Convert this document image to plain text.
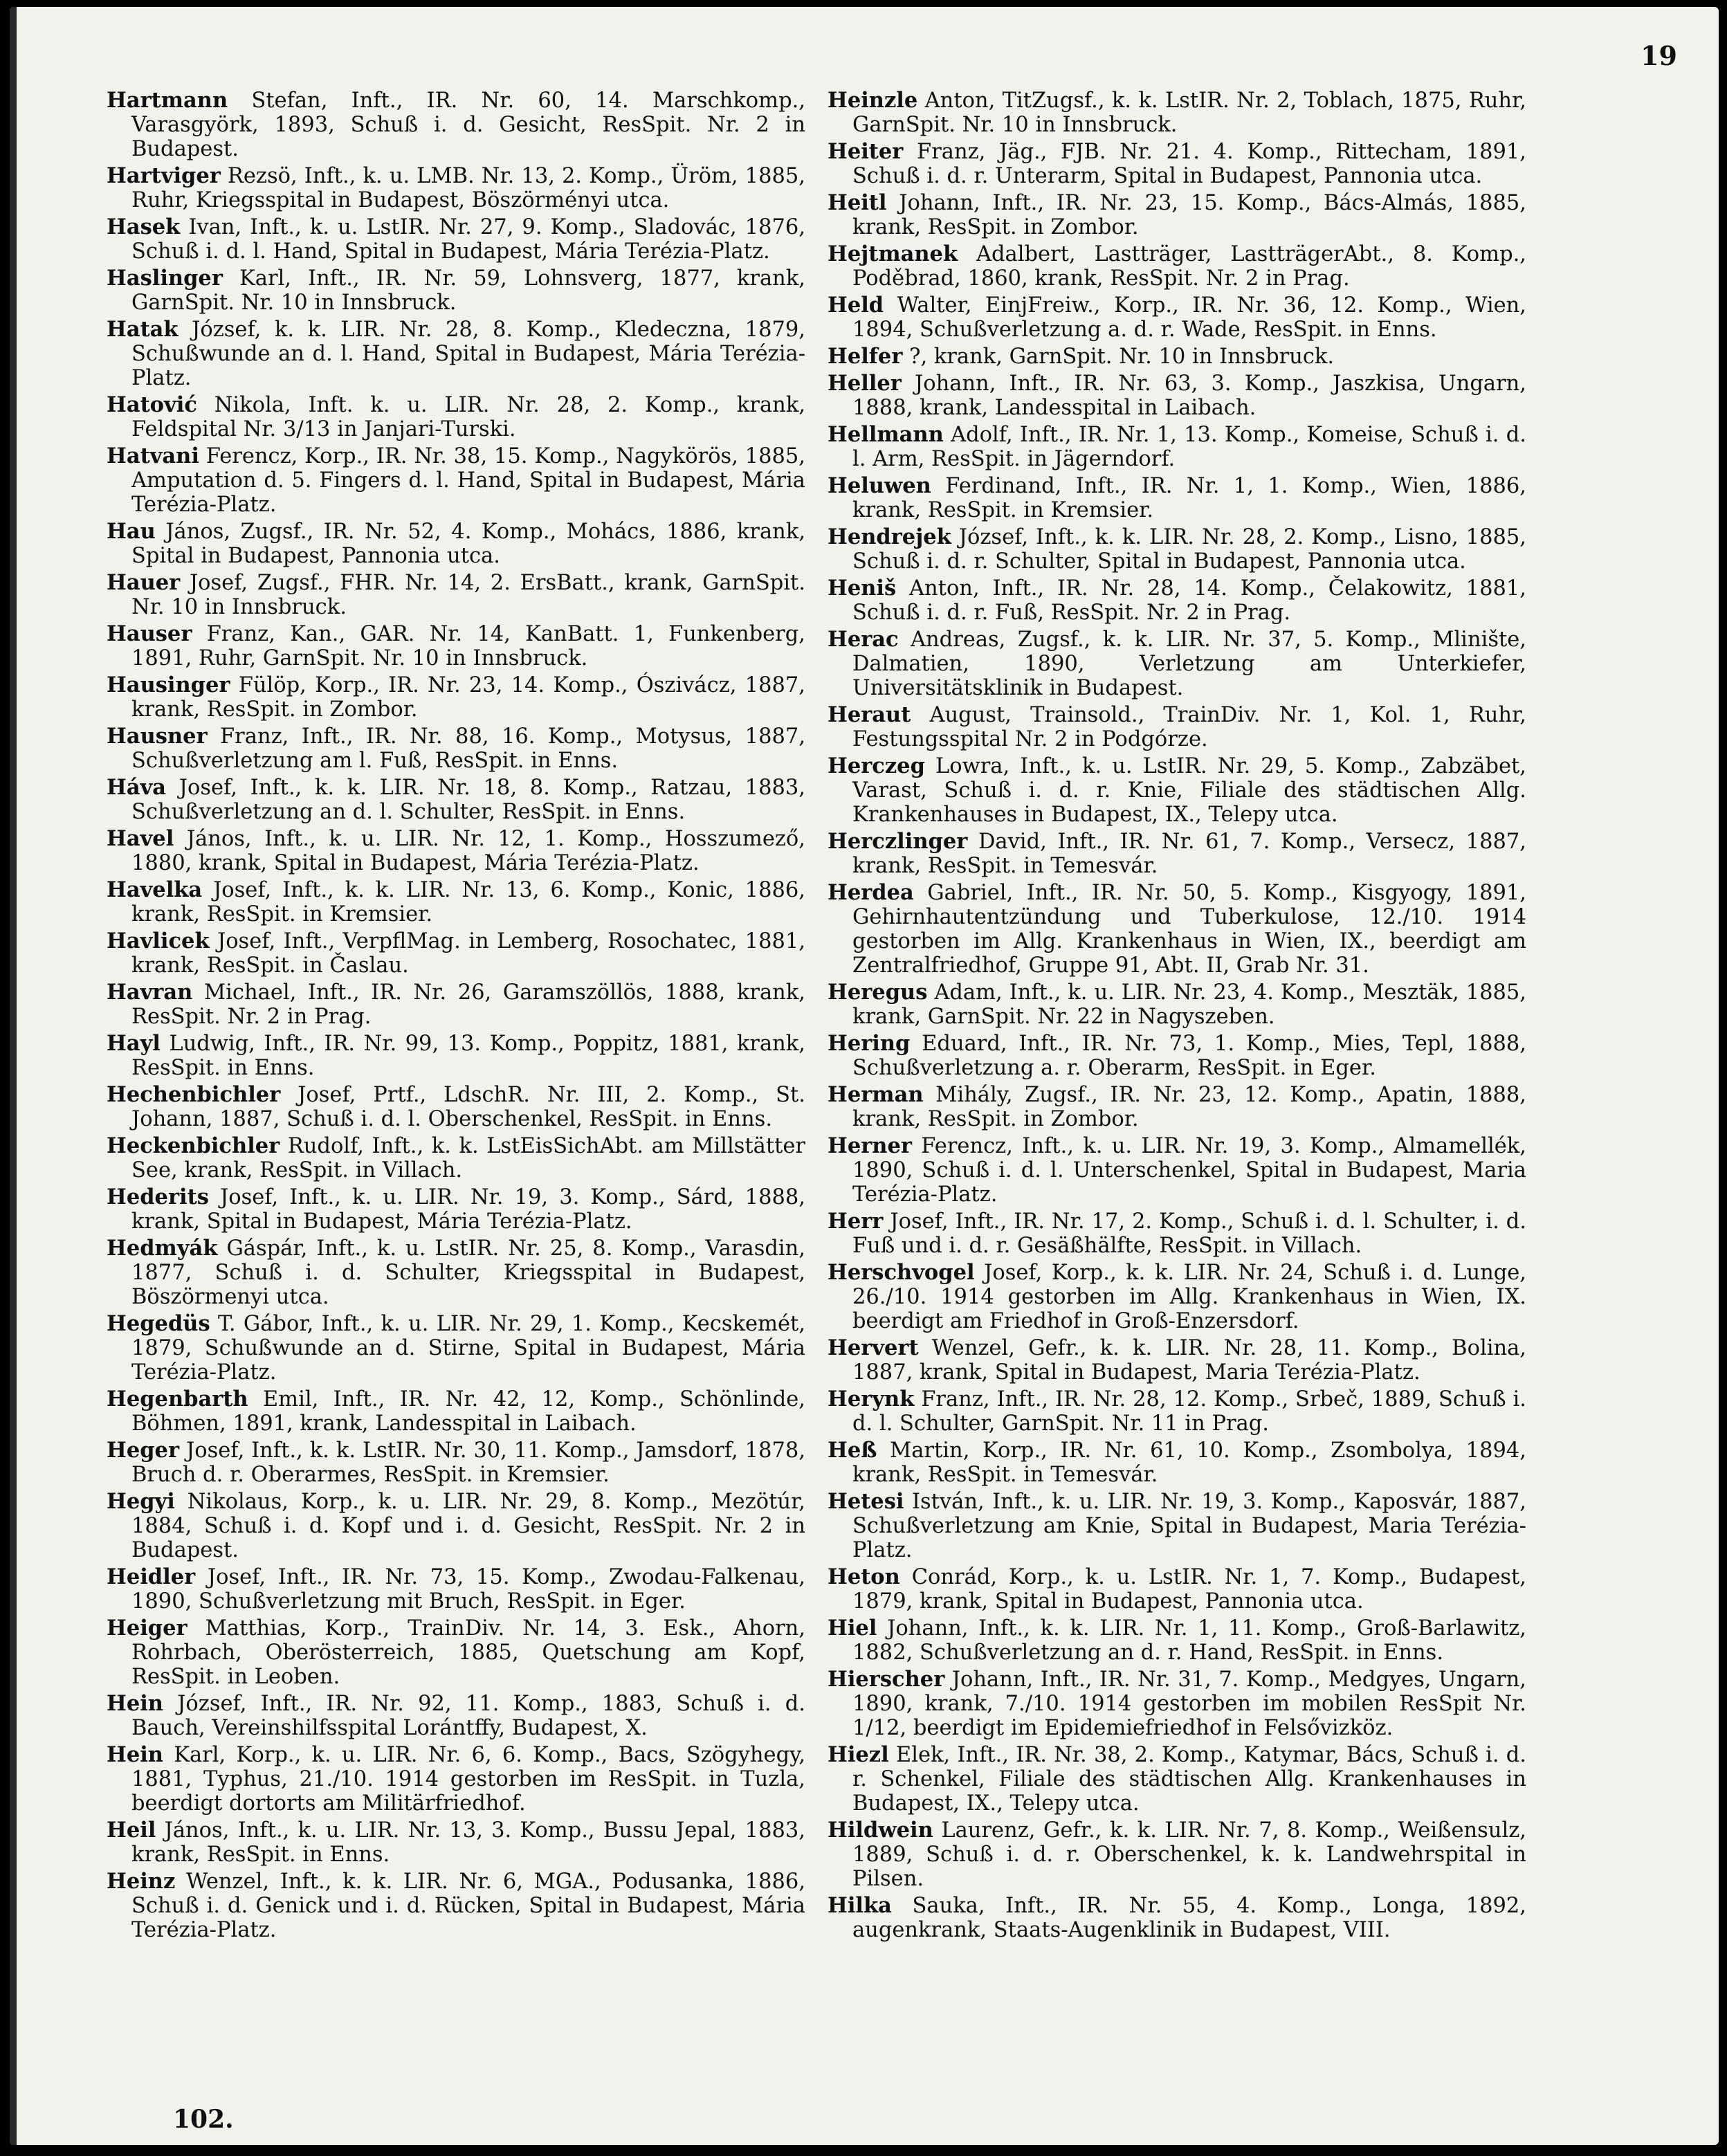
19

Hartmann Stefan, Inft., IR. Nr. 60, 14. Marschkomp., Varasgyörk, 1893, Schuß i. d. Gesicht, ResSpit. Nr. 2 in Budapest.

Hartviger Rezsö, Inft., k. u. LMB. Nr. 13, 2. Komp., Üröm, 1885, Ruhr, Kriegsspital in Budapest, Böszörményi utca.

Hasek Ivan, Inft., k. u. LstIR. Nr. 27, 9. Komp., Sladovác, 1876, Schuß i. d. l. Hand, Spital in Budapest, Mária Terézia-Platz.

Haslinger Karl, Inft., IR. Nr. 59, Lohnsverg, 1877, krank, GarnSpit. Nr. 10 in Innsbruck.

Hatak József, k. k. LIR. Nr. 28, 8. Komp., Kledeczna, 1879, Schußwunde an d. l. Hand, Spital in Budapest, Mária Terézia-Platz.

Hatović Nikola, Inft. k. u. LIR. Nr. 28, 2. Komp., krank, Feldspital Nr. 3/13 in Janjari-Turski.

Hatvani Ferencz, Korp., IR. Nr. 38, 15. Komp., Nagykörös, 1885, Amputation d. 5. Fingers d. l. Hand, Spital in Budapest, Mária Terézia-Platz.

Hau János, Zugsf., IR. Nr. 52, 4. Komp., Mohács, 1886, krank, Spital in Budapest, Pannonia utca.

Hauer Josef, Zugsf., FHR. Nr. 14, 2. ErsBatt., krank, GarnSpit. Nr. 10 in Innsbruck.

Hauser Franz, Kan., GAR. Nr. 14, KanBatt. 1, Funkenberg, 1891, Ruhr, GarnSpit. Nr. 10 in Innsbruck.

Hausinger Fülöp, Korp., IR. Nr. 23, 14. Komp., Ószivácz, 1887, krank, ResSpit. in Zombor.

Hausner Franz, Inft., IR. Nr. 88, 16. Komp., Motysus, 1887, Schußverletzung am l. Fuß, ResSpit. in Enns.

Háva Josef, Inft., k. k. LIR. Nr. 18, 8. Komp., Ratzau, 1883, Schußverletzung an d. l. Schulter, ResSpit. in Enns.

Havel János, Inft., k. u. LIR. Nr. 12, 1. Komp., Hosszumező, 1880, krank, Spital in Budapest, Mária Terézia-Platz.

Havelka Josef, Inft., k. k. LIR. Nr. 13, 6. Komp., Konic, 1886, krank, ResSpit. in Kremsier.

Havlicek Josef, Inft., VerpflMag. in Lemberg, Rosochatec, 1881, krank, ResSpit. in Časlau.

Havran Michael, Inft., IR. Nr. 26, Garamszöllös, 1888, krank, ResSpit. Nr. 2 in Prag.

Hayl Ludwig, Inft., IR. Nr. 99, 13. Komp., Poppitz, 1881, krank, ResSpit. in Enns.

Hechenbichler Josef, Prtf., LdschR. Nr. III, 2. Komp., St. Johann, 1887, Schuß i. d. l. Oberschenkel, ResSpit. in Enns.

Heckenbichler Rudolf, Inft., k. k. LstEisSichAbt. am Millstätter See, krank, ResSpit. in Villach.

Hederits Josef, Inft., k. u. LIR. Nr. 19, 3. Komp., Sárd, 1888, krank, Spital in Budapest, Mária Terézia-Platz.

Hedmyák Gáspár, Inft., k. u. LstIR. Nr. 25, 8. Komp., Varasdin, 1877, Schuß i. d. Schulter, Kriegsspital in Budapest, Böszörmenyi utca.

Hegedüs T. Gábor, Inft., k. u. LIR. Nr. 29, 1. Komp., Kecskemét, 1879, Schußwunde an d. Stirne, Spital in Budapest, Mária Terézia-Platz.

Hegenbarth Emil, Inft., IR. Nr. 42, 12, Komp., Schönlinde, Böhmen, 1891, krank, Landesspital in Laibach.

Heger Josef, Inft., k. k. LstIR. Nr. 30, 11. Komp., Jamsdorf, 1878, Bruch d. r. Oberarmes, ResSpit. in Kremsier.

Hegyi Nikolaus, Korp., k. u. LIR. Nr. 29, 8. Komp., Mezötúr, 1884, Schuß i. d. Kopf und i. d. Gesicht, ResSpit. Nr. 2 in Budapest.

Heidler Josef, Inft., IR. Nr. 73, 15. Komp., Zwodau-Falkenau, 1890, Schußverletzung mit Bruch, ResSpit. in Eger.

Heiger Matthias, Korp., TrainDiv. Nr. 14, 3. Esk., Ahorn, Rohrbach, Oberösterreich, 1885, Quetschung am Kopf, ResSpit. in Leoben.

Hein József, Inft., IR. Nr. 92, 11. Komp., 1883, Schuß i. d. Bauch, Vereinshilfsspital Lorántffy, Budapest, X.

Hein Karl, Korp., k. u. LIR. Nr. 6, 6. Komp., Bacs, Szögyhegy, 1881, Typhus, 21./10. 1914 gestorben im ResSpit. in Tuzla, beerdigt dortorts am Militärfriedhof.

Heil János, Inft., k. u. LIR. Nr. 13, 3. Komp., Bussu Jepal, 1883, krank, ResSpit. in Enns.

Heinz Wenzel, Inft., k. k. LIR. Nr. 6, MGA., Podusanka, 1886, Schuß i. d. Genick und i. d. Rücken, Spital in Budapest, Mária Terézia-Platz.

Heinzle Anton, TitZugsf., k. k. LstIR. Nr. 2, Toblach, 1875, Ruhr, GarnSpit. Nr. 10 in Innsbruck.

Heiter Franz, Jäg., FJB. Nr. 21. 4. Komp., Rittecham, 1891, Schuß i. d. r. Unterarm, Spital in Budapest, Pannonia utca.

Heitl Johann, Inft., IR. Nr. 23, 15. Komp., Bács-Almás, 1885, krank, ResSpit. in Zombor.

Hejtmanek Adalbert, Lastträger, LastträgerAbt., 8. Komp., Poděbrad, 1860, krank, ResSpit. Nr. 2 in Prag.

Held Walter, EinjFreiw., Korp., IR. Nr. 36, 12. Komp., Wien, 1894, Schußverletzung a. d. r. Wade, ResSpit. in Enns.

Helfer ?, krank, GarnSpit. Nr. 10 in Innsbruck.

Heller Johann, Inft., IR. Nr. 63, 3. Komp., Jaszkisa, Ungarn, 1888, krank, Landesspital in Laibach.

Hellmann Adolf, Inft., IR. Nr. 1, 13. Komp., Komeise, Schuß i. d. l. Arm, ResSpit. in Jägerndorf.

Heluwen Ferdinand, Inft., IR. Nr. 1, 1. Komp., Wien, 1886, krank, ResSpit. in Kremsier.

Hendrejek József, Inft., k. k. LIR. Nr. 28, 2. Komp., Lisno, 1885, Schuß i. d. r. Schulter, Spital in Budapest, Pannonia utca.

Heniš Anton, Inft., IR. Nr. 28, 14. Komp., Čelakowitz, 1881, Schuß i. d. r. Fuß, ResSpit. Nr. 2 in Prag.

Herac Andreas, Zugsf., k. k. LIR. Nr. 37, 5. Komp., Mlinište, Dalmatien, 1890, Verletzung am Unterkiefer, Universitätsklinik in Budapest.

Heraut August, Trainsold., TrainDiv. Nr. 1, Kol. 1, Ruhr, Festungsspital Nr. 2 in Podgórze.

Herczeg Lowra, Inft., k. u. LstIR. Nr. 29, 5. Komp., Zabzäbet, Varast, Schuß i. d. r. Knie, Filiale des städtischen Allg. Krankenhauses in Budapest, IX., Telepy utca.

Herczlinger David, Inft., IR. Nr. 61, 7. Komp., Versecz, 1887, krank, ResSpit. in Temesvár.

Herdea Gabriel, Inft., IR. Nr. 50, 5. Komp., Kisgyogy, 1891, Gehirnhautentzündung und Tuberkulose, 12./10. 1914 gestorben im Allg. Krankenhaus in Wien, IX., beerdigt am Zentralfriedhof, Gruppe 91, Abt. II, Grab Nr. 31.

Heregus Adam, Inft., k. u. LIR. Nr. 23, 4. Komp., Mesztäk, 1885, krank, GarnSpit. Nr. 22 in Nagyszeben.

Hering Eduard, Inft., IR. Nr. 73, 1. Komp., Mies, Tepl, 1888, Schußverletzung a. r. Oberarm, ResSpit. in Eger.

Herman Mihály, Zugsf., IR. Nr. 23, 12. Komp., Apatin, 1888, krank, ResSpit. in Zombor.

Herner Ferencz, Inft., k. u. LIR. Nr. 19, 3. Komp., Almamellék, 1890, Schuß i. d. l. Unterschenkel, Spital in Budapest, Maria Terézia-Platz.

Herr Josef, Inft., IR. Nr. 17, 2. Komp., Schuß i. d. l. Schulter, i. d. Fuß und i. d. r. Gesäßhälfte, ResSpit. in Villach.

Herschvogel Josef, Korp., k. k. LIR. Nr. 24, Schuß i. d. Lunge, 26./10. 1914 gestorben im Allg. Krankenhaus in Wien, IX. beerdigt am Friedhof in Groß-Enzersdorf.

Hervert Wenzel, Gefr., k. k. LIR. Nr. 28, 11. Komp., Bolina, 1887, krank, Spital in Budapest, Maria Terézia-Platz.

Herynk Franz, Inft., IR. Nr. 28, 12. Komp., Srbeč, 1889, Schuß i. d. l. Schulter, GarnSpit. Nr. 11 in Prag.

Heß Martin, Korp., IR. Nr. 61, 10. Komp., Zsombolya, 1894, krank, ResSpit. in Temesvár.

Hetesi István, Inft., k. u. LIR. Nr. 19, 3. Komp., Kaposvár, 1887, Schußverletzung am Knie, Spital in Budapest, Maria Terézia-Platz.

Heton Conrád, Korp., k. u. LstIR. Nr. 1, 7. Komp., Budapest, 1879, krank, Spital in Budapest, Pannonia utca.

Hiel Johann, Inft., k. k. LIR. Nr. 1, 11. Komp., Groß-Barlawitz, 1882, Schußverletzung an d. r. Hand, ResSpit. in Enns.

Hierscher Johann, Inft., IR. Nr. 31, 7. Komp., Medgyes, Ungarn, 1890, krank, 7./10. 1914 gestorben im mobilen ResSpit Nr. 1/12, beerdigt im Epidemiefriedhof in Felsővizköz.

Hiezl Elek, Inft., IR. Nr. 38, 2. Komp., Katymar, Bács, Schuß i. d. r. Schenkel, Filiale des städtischen Allg. Krankenhauses in Budapest, IX., Telepy utca.

Hildwein Laurenz, Gefr., k. k. LIR. Nr. 7, 8. Komp., Weißensulz, 1889, Schuß i. d. r. Oberschenkel, k. k. Landwehrspital in Pilsen.

Hilka Sauka, Inft., IR. Nr. 55, 4. Komp., Longa, 1892, augenkrank, Staats-Augenklinik in Budapest, VIII.

102.
